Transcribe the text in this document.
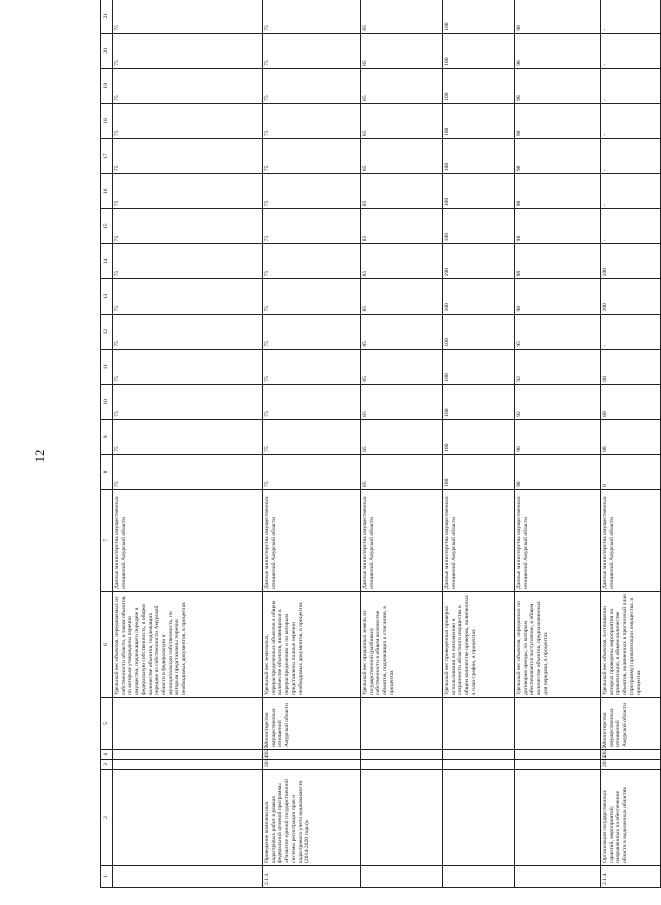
12
1	2	3	4	5	6	7	8	9	10	11	12	13	14	15	16	17	18	19	20	21
					Удельный вес объектов, передаваемых из собственности области, в таком объектов, по которым утверждены перечни имущества, подлежащего передаче в федеральную собственность, в общем количестве объектов, подлежащих передаче из собственности Амурской области в федеральную и муниципальную собственность, по которым представлены перечни необходимых документов, в процентах	Данные министерства имущественных отношений Амурской области	75	75	75	75	75	75	75	75	75	75	75	75	75	75
2.1.3.	Проведение комплексных кадастровых работ в рамках федеральной целевой программы «Развитие единой государственной системы регистрации прав и кадастрового учета недвижимости (2014-2020 годы)»	2014	2025	Министерство имущественных отношений Амурской области	Удельный вес земельных, перераспределенных объектов в общем количестве объектов, являющихся к перераспределению и по которым представлены полные перечни необходимых документов, в процентах	Данные министерства имущественных отношений Амурской области	75	75	75	75	75	75	75	75	75	75	75	75	75	75
					Удельный вес проданных земель из государственной (разбивки) собственности в общем количестве объектов, подлежащих к списанию, в процентах	Данные министерства имущественных отношений Амурской области	85	85	85	85	85	85	85	85	85	85	85	85	85	85
					Удельный вес проведенных проверок использования по назначению и сохранности областного имущества в общем количестве проверок, включенных в план-график, в процентах	Данные министерства имущественных отношений Амурской области	100	100	100	100	100	100	100	100	100	100	100	100	100	100
					Удельный вес объектов, переданных по договорам аренды, по которым обеспечивается поступление, в общем количестве объектов, предназначенных для передачи, в процентах	Данные министерства имущественных отношений Амурской области	90	90	92	92	95	98	98	98	98	98	98	98	98	98
2.1.4.	Организация государственных гарантий, мероприятий, направленных на обеспечение области в выделенных областях	2014	2025	Министерство имущественных отношений Амурской области	Удельный вес объектов, в отношении которых проведены мероприятия по приватизации, в общем количестве объектов, включенных в прогнозный план (программу) приватизации имущества, в процентах	Данные министерства имущественных отношений Амурской области	0	88	88	88	-	100	100	-	-	-	-	-	-	-
